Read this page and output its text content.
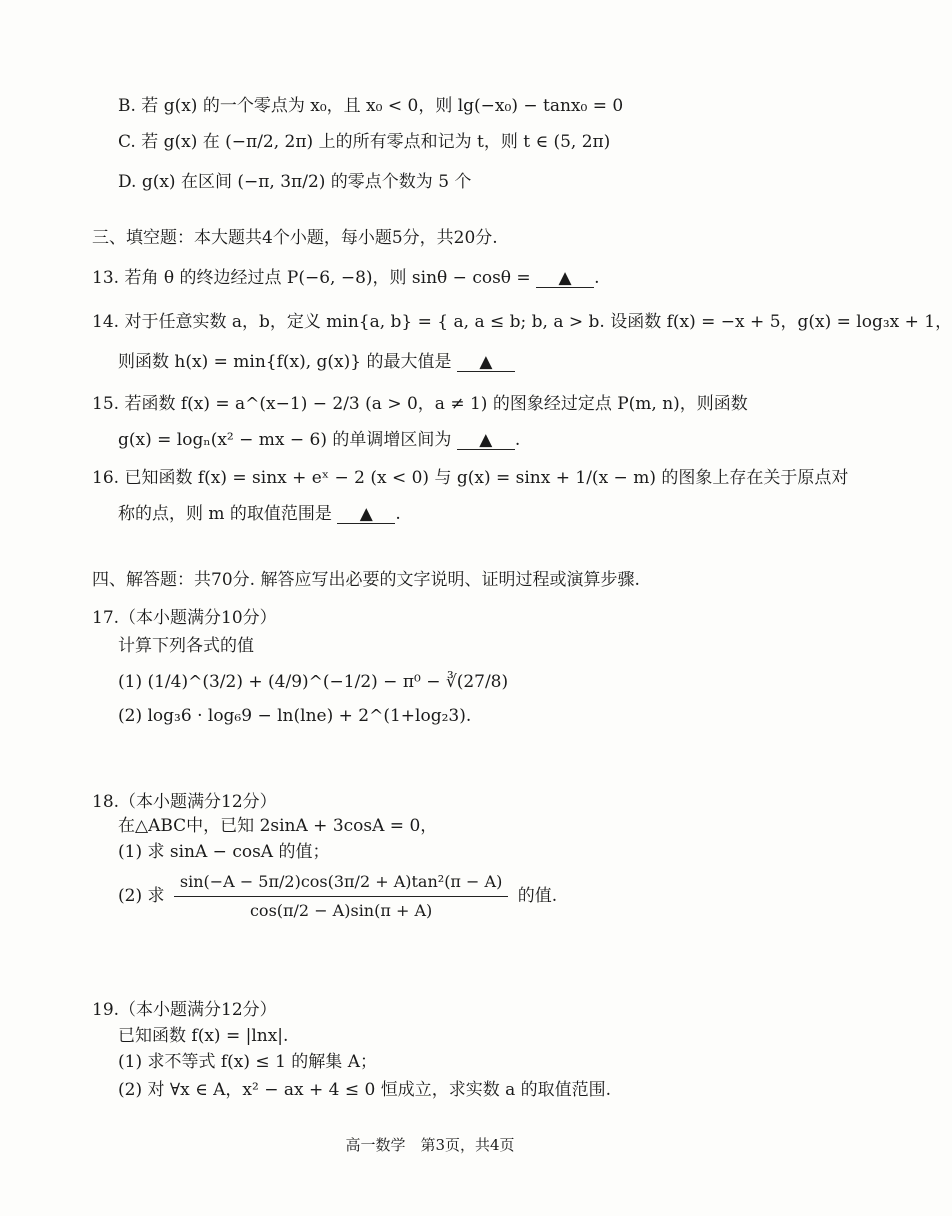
B. 若 g(x) 的一个零点为 x₀，且 x₀ < 0，则 lg(−x₀) − tanx₀ = 0
C. 若 g(x) 在 (−π/2, 2π) 上的所有零点和记为 t，则 t ∈ (5, 2π)
D. g(x) 在区间 (−π, 3π/2) 的零点个数为 5 个
三、填空题：本大题共4个小题，每小题5分，共20分.
13. 若角 θ 的终边经过点 P(−6, −8)，则 sinθ − cosθ = ▲ .
14. 对于任意实数 a，b，定义 min{a, b} = { a, a ≤ b; b, a > b. 设函数 f(x) = −x + 5，g(x) = log₃x + 1，
则函数 h(x) = min{f(x), g(x)} 的最大值是 ▲
15. 若函数 f(x) = a^(x−1) − 2/3 (a > 0，a ≠ 1) 的图象经过定点 P(m, n)，则函数
g(x) = logₙ(x² − mx − 6) 的单调增区间为 ▲ .
16. 已知函数 f(x) = sinx + eˣ − 2 (x < 0) 与 g(x) = sinx + 1/(x − m) 的图象上存在关于原点对
称的点，则 m 的取值范围是 ▲ .
四、解答题：共70分. 解答应写出必要的文字说明、证明过程或演算步骤.
17.（本小题满分10分）
计算下列各式的值
(1) (1/4)^(3/2) + (4/9)^(−1/2) − π⁰ − ∛(27/8)
(2) log₃6 · log₆9 − ln(lne) + 2^(1+log₂3).
18.（本小题满分12分）
在△ABC中，已知 2sinA + 3cosA = 0，
(1) 求 sinA − cosA 的值；
(2) 求 $\frac{\text{sin(−A − 5π/2)cos(3π/2 + A)tan²(π − A)}}{\cos(\pi/2 - A)\sin(\pi + A)}$ 的值.
19.（本小题满分12分）
已知函数 f(x) = |lnx|.
(1) 求不等式 f(x) ≤ 1 的解集 A；
(2) 对 ∀x ∈ A，x² − ax + 4 ≤ 0 恒成立，求实数 a 的取值范围.
高一数学　第3页，共4页
